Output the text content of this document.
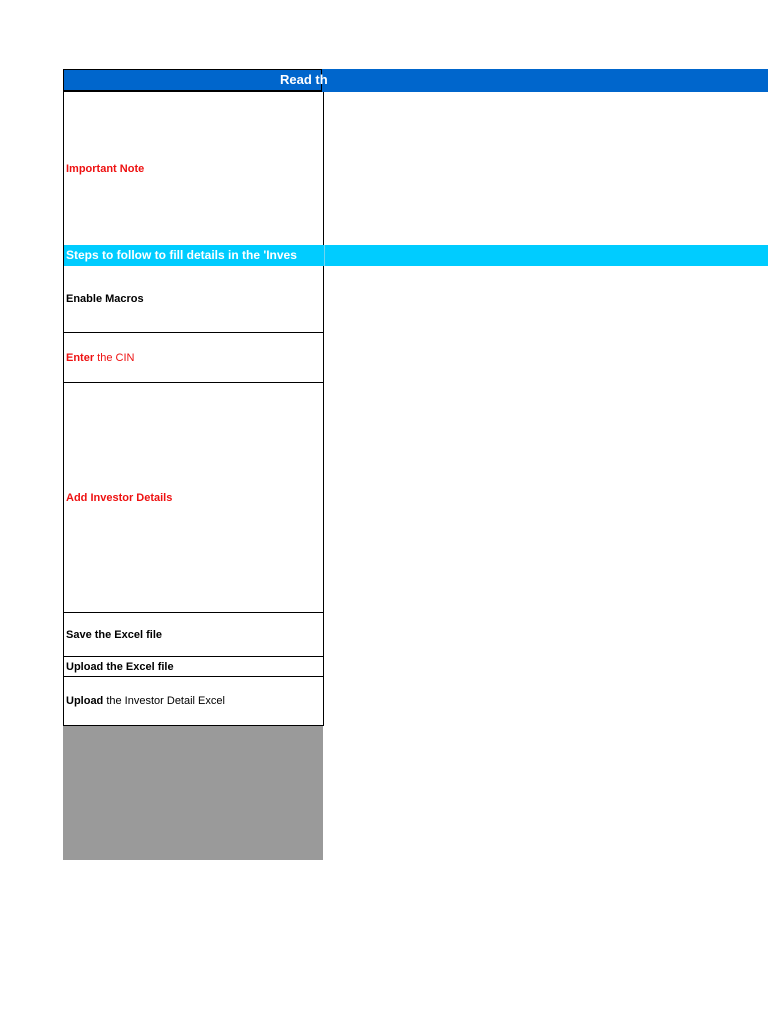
Read th
Important Note
Steps to follow to fill details in the 'Inves
Enable Macros
Enter the CIN
Add Investor Details
Save the Excel file
Upload the Excel file
Upload the Investor Detail Excel
